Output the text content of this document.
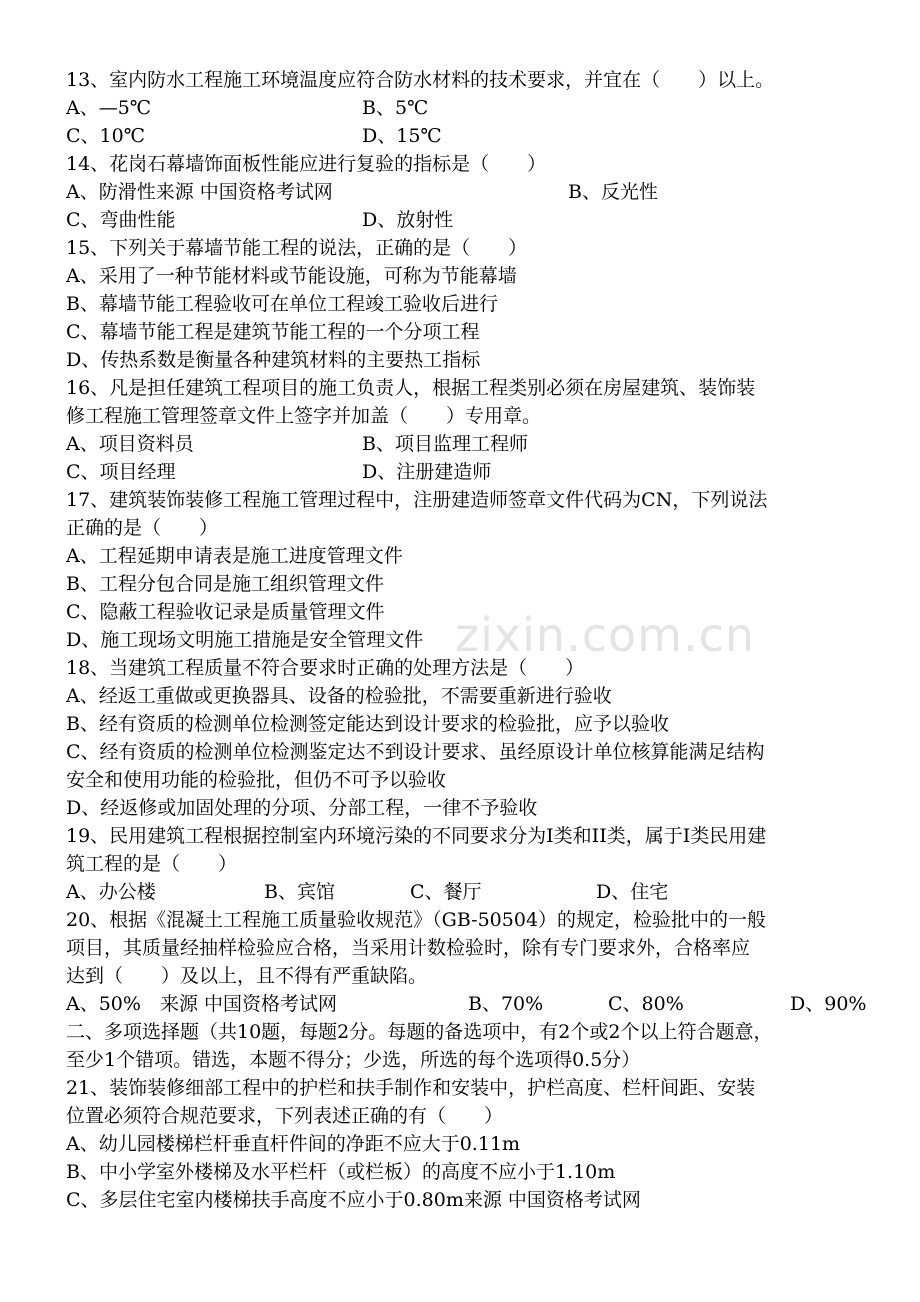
zixin.com.cn
13、室内防水工程施工环境温度应符合防水材料的技术要求，并宜在（　　）以上。
A、—5℃	B、5℃
C、10℃	D、15℃
14、花岗石幕墙饰面板性能应进行复验的指标是（　　）
A、防滑性来源 中国资格考试网	B、反光性
C、弯曲性能	D、放射性
15、下列关于幕墙节能工程的说法，正确的是（　　）
A、采用了一种节能材料或节能设施，可称为节能幕墙
B、幕墙节能工程验收可在单位工程竣工验收后进行
C、幕墙节能工程是建筑节能工程的一个分项工程
D、传热系数是衡量各种建筑材料的主要热工指标
16、凡是担任建筑工程项目的施工负责人，根据工程类别必须在房屋建筑、装饰装
修工程施工管理签章文件上签字并加盖（　　）专用章。
A、项目资料员	B、项目监理工程师
C、项目经理	D、注册建造师
17、建筑装饰装修工程施工管理过程中，注册建造师签章文件代码为CN，下列说法
正确的是（　　）
A、工程延期申请表是施工进度管理文件
B、工程分包合同是施工组织管理文件
C、隐蔽工程验收记录是质量管理文件
D、施工现场文明施工措施是安全管理文件
18、当建筑工程质量不符合要求时正确的处理方法是（　　）
A、经返工重做或更换器具、设备的检验批，不需要重新进行验收
B、经有资质的检测单位检测签定能达到设计要求的检验批，应予以验收
C、经有资质的检测单位检测鉴定达不到设计要求、虽经原设计单位核算能满足结构
安全和使用功能的检验批，但仍不可予以验收
D、经返修或加固处理的分项、分部工程，一律不予验收
19、民用建筑工程根据控制室内环境污染的不同要求分为I类和II类，属于I类民用建
筑工程的是（　　）
A、办公楼	B、宾馆	C、餐厅	D、住宅
20、根据《混凝土工程施工质量验收规范》（GB-50504）的规定，检验批中的一般
项目，其质量经抽样检验应合格，当采用计数检验时，除有专门要求外，合格率应
达到（　　）及以上，且不得有严重缺陷。
A、50%　来源 中国资格考试网	B、70%	C、80%	D、90%
二、多项选择题（共10题，每题2分。每题的备选项中，有2个或2个以上符合题意，
至少1个错项。错选，本题不得分；少选，所选的每个选项得0.5分）
21、装饰装修细部工程中的护栏和扶手制作和安装中，护栏高度、栏杆间距、安装
位置必须符合规范要求，下列表述正确的有（　　）
A、幼儿园楼梯栏杆垂直杆件间的净距不应大于0.11m
B、中小学室外楼梯及水平栏杆（或栏板）的高度不应小于1.10m
C、多层住宅室内楼梯扶手高度不应小于0.80m来源 中国资格考试网
